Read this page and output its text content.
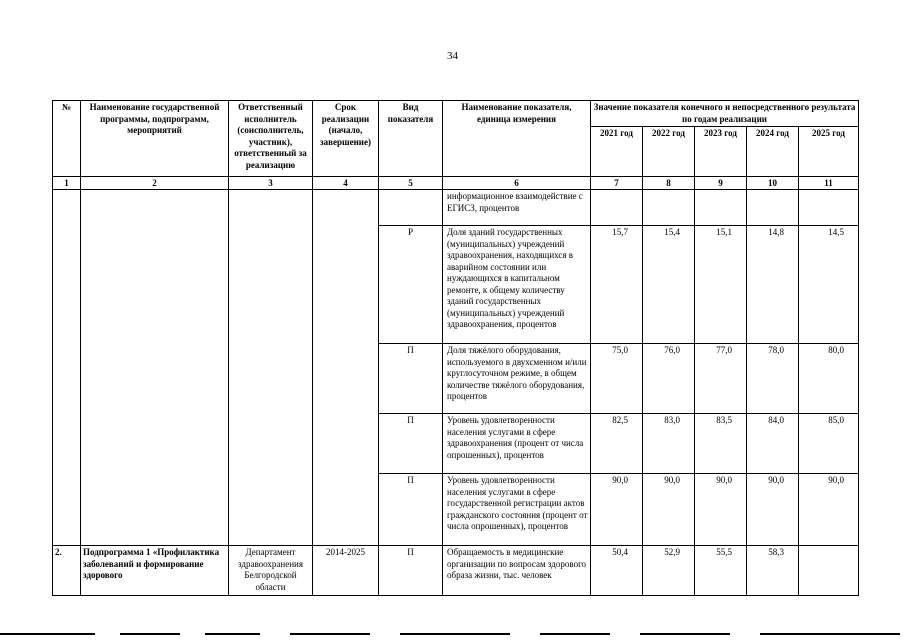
34
№	Наименование государственной программы, подпрограмм, мероприятий	Ответственный исполнитель (соисполнитель, участник), ответственный за реализацию	Срок реализации (начало, завершение)	Вид показателя	Наименование показателя, единица измерения	Значение показателя конечного и непосредственного результата по годам реализации				
						2021 год	2022 год	2023 год	2024 год	2025 год
1	2	3	4	5	6	7	8	9	10	11
					информационное взаимодействие с ЕГИСЗ, процентов					
				Р	Доля зданий государственных (муниципальных) учреждений здравоохранения, находящихся в аварийном состоянии или нуждающихся в капитальном ремонте, к общему количеству зданий государственных (муниципальных) учреждений здравоохранения, процентов	15,7	15,4	15,1	14,8	14,5
				П	Доля тяжёлого оборудования, используемого в двухсменном и/или круглосуточном режиме, в общем количестве тяжёлого оборудования, процентов	75,0	76,0	77,0	78,0	80,0
				П	Уровень удовлетворенности населения услугами в сфере здравоохранения (процент от числа опрошенных), процентов	82,5	83,0	83,5	84,0	85,0
				П	Уровень удовлетворенности населения услугами в сфере государственной регистрации актов гражданского состояния (процент от числа опрошенных), процентов	90,0	90,0	90,0	90,0	90,0
2.	Подпрограмма 1 «Профилактика заболеваний и формирование здорового	Департамент здравоохранения Белгородской области	2014-2025	П	Обращаемость в медицинские организации по вопросам здорового образа жизни, тыс. человек	50,4	52,9	55,5	58,3	
